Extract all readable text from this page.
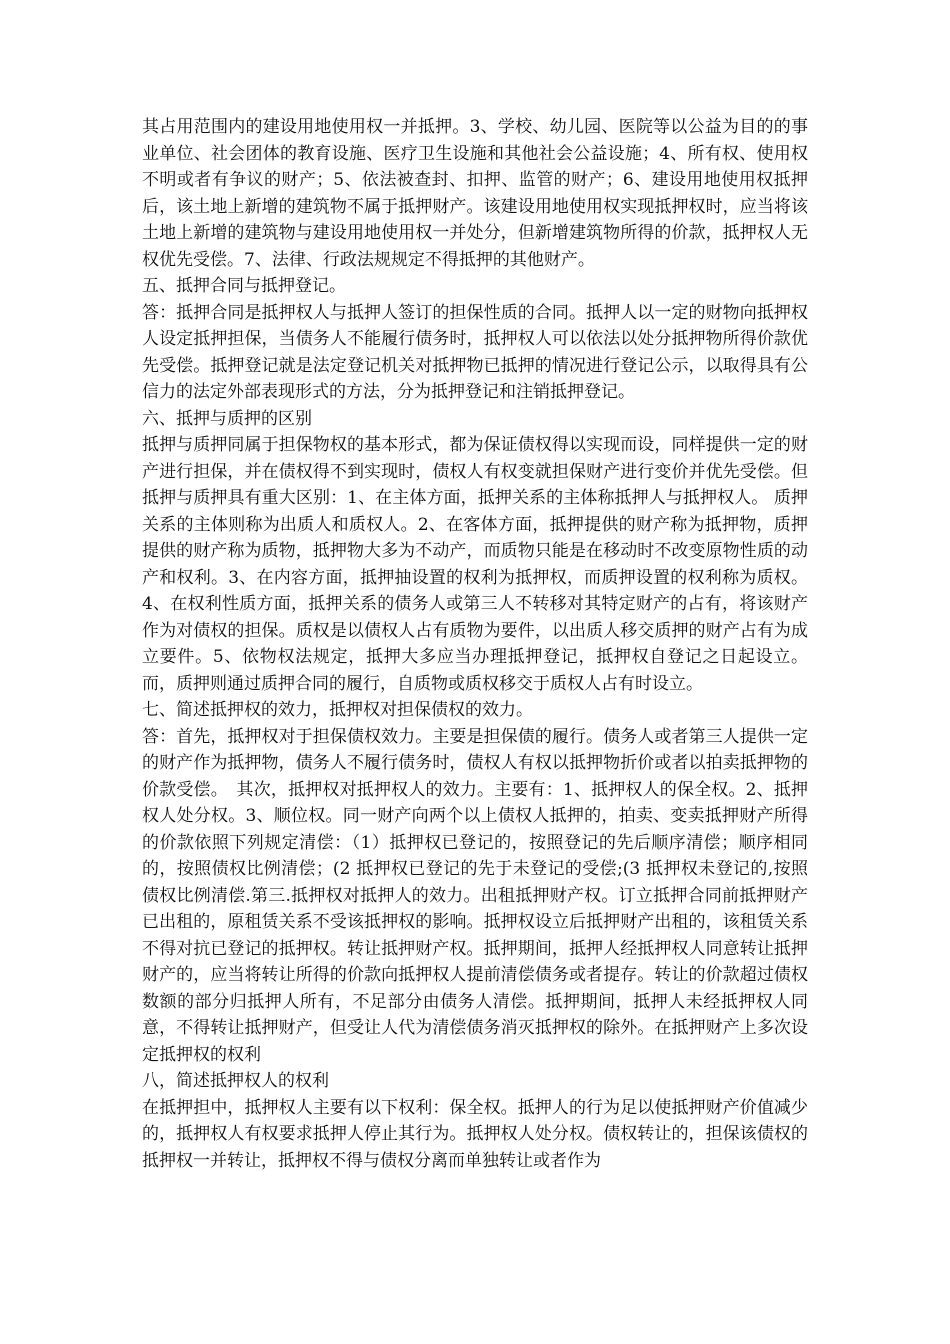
其占用范围内的建设用地使用权一并抵押。3、学校、幼儿园、医院等以公益为目的的事业单位、社会团体的教育设施、医疗卫生设施和其他社会公益设施；4、所有权、使用权不明或者有争议的财产；5、依法被查封、扣押、监管的财产；6、建设用地使用权抵押后，该土地上新增的建筑物不属于抵押财产。该建设用地使用权实现抵押权时，应当将该土地上新增的建筑物与建设用地使用权一并处分，但新增建筑物所得的价款，抵押权人无权优先受偿。7、法律、行政法规规定不得抵押的其他财产。

五、抵押合同与抵押登记。

答：抵押合同是抵押权人与抵押人签订的担保性质的合同。抵押人以一定的财物向抵押权人设定抵押担保，当债务人不能履行债务时，抵押权人可以依法以处分抵押物所得价款优先受偿。抵押登记就是法定登记机关对抵押物已抵押的情况进行登记公示，以取得具有公信力的法定外部表现形式的方法，分为抵押登记和注销抵押登记。

六、抵押与质押的区别

抵押与质押同属于担保物权的基本形式，都为保证债权得以实现而设，同样提供一定的财产进行担保，并在债权得不到实现时，债权人有权变就担保财产进行变价并优先受偿。但抵押与质押具有重大区别：1、在主体方面，抵押关系的主体称抵押人与抵押权人。 质押关系的主体则称为出质人和质权人。2、在客体方面，抵押提供的财产称为抵押物，质押提供的财产称为质物，抵押物大多为不动产，而质物只能是在移动时不改变原物性质的动产和权利。3、在内容方面，抵押抽设置的权利为抵押权，而质押设置的权利称为质权。4、在权利性质方面，抵押关系的债务人或第三人不转移对其特定财产的占有，将该财产作为对债权的担保。质权是以债权人占有质物为要件，以出质人移交质押的财产占有为成立要件。5、依物权法规定，抵押大多应当办理抵押登记，抵押权自登记之日起设立。而，质押则通过质押合同的履行，自质物或质权移交于质权人占有时设立。

七、简述抵押权的效力，抵押权对担保债权的效力。

答：首先，抵押权对于担保债权效力。主要是担保债的履行。债务人或者第三人提供一定的财产作为抵押物，债务人不履行债务时，债权人有权以抵押物折价或者以拍卖抵押物的价款受偿。　其次，抵押权对抵押权人的效力。主要有：1、抵押权人的保全权。2、抵押权人处分权。3、顺位权。同一财产向两个以上债权人抵押的，拍卖、变卖抵押财产所得的价款依照下列规定清偿：（1）抵押权已登记的，按照登记的先后顺序清偿；顺序相同的，按照债权比例清偿；(2 抵押权已登记的先于未登记的受偿;(3 抵押权未登记的,按照债权比例清偿.第三.抵押权对抵押人的效力。出租抵押财产权。订立抵押合同前抵押财产已出租的，原租赁关系不受该抵押权的影响。抵押权设立后抵押财产出租的，该租赁关系不得对抗已登记的抵押权。转让抵押财产权。抵押期间，抵押人经抵押权人同意转让抵押财产的，应当将转让所得的价款向抵押权人提前清偿债务或者提存。转让的价款超过债权数额的部分归抵押人所有，不足部分由债务人清偿。抵押期间，抵押人未经抵押权人同意，不得转让抵押财产，但受让人代为清偿债务消灭抵押权的除外。在抵押财产上多次设定抵押权的权利

八，简述抵押权人的权利

在抵押担中，抵押权人主要有以下权利：保全权。抵押人的行为足以使抵押财产价值减少的，抵押权人有权要求抵押人停止其行为。抵押权人处分权。债权转让的，担保该债权的抵押权一并转让，抵押权不得与债权分离而单独转让或者作为
